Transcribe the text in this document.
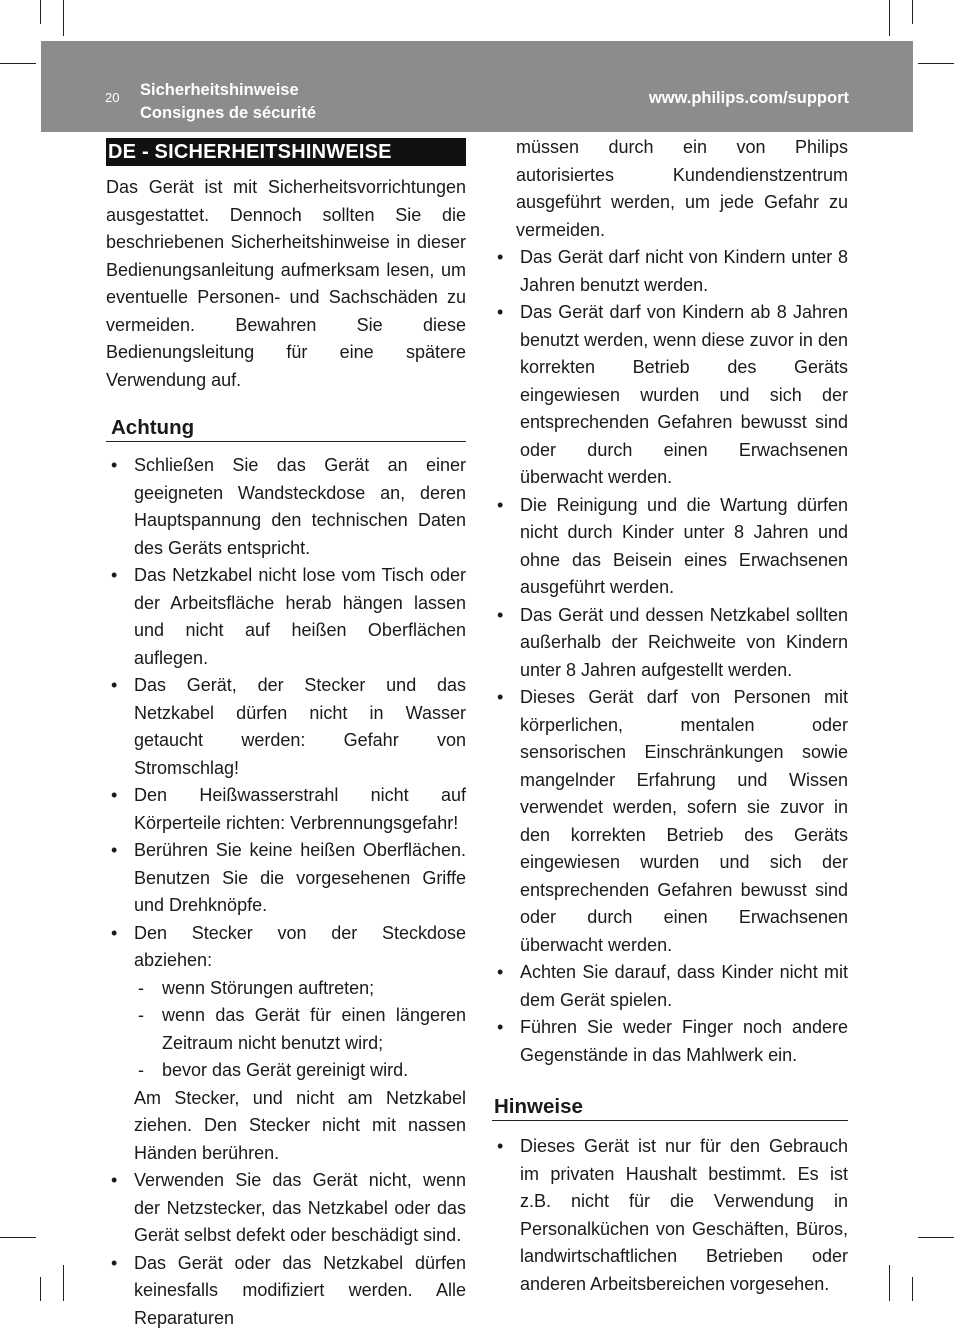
20 Sicherheitshinweise
Consignes de sécurité
www.philips.com/support
DE - SICHERHEITSHINWEISE

Das Gerät ist mit Sicherheitsvorrichtungen ausgestattet. Dennoch sollten Sie die beschriebenen Sicherheitshinweise in dieser Bedienungsanleitung aufmerksam lesen, um eventuelle Personen- und Sachschäden zu vermeiden. Bewahren Sie diese Bedienungsleitung für eine spätere Verwendung auf.

Achtung
• Schließen Sie das Gerät an einer geeigneten Wandsteckdose an, deren Hauptspannung den technischen Daten des Geräts entspricht.
• Das Netzkabel nicht lose vom Tisch oder der Arbeitsfläche herab hängen lassen und nicht auf heißen Oberflächen auflegen.
• Das Gerät, der Stecker und das Netzkabel dürfen nicht in Wasser getaucht werden: Gefahr von Stromschlag!
• Den Heißwasserstrahl nicht auf Körperteile richten: Verbrennungsgefahr!
• Berühren Sie keine heißen Oberflächen. Benutzen Sie die vorgesehenen Griffe und Drehknöpfe.
• Den Stecker von der Steckdose abziehen:
- wenn Störungen auftreten;
- wenn das Gerät für einen längeren Zeitraum nicht benutzt wird;
- bevor das Gerät gereinigt wird.
Am Stecker, und nicht am Netzkabel ziehen. Den Stecker nicht mit nassen Händen berühren.
• Verwenden Sie das Gerät nicht, wenn der Netzstecker, das Netzkabel oder das Gerät selbst defekt oder beschädigt sind.
• Das Gerät oder das Netzkabel dürfen keinesfalls modifiziert werden. Alle Reparaturen

müssen durch ein von Philips autorisiertes Kundendienstzentrum ausgeführt werden, um jede Gefahr zu vermeiden.

• Das Gerät darf nicht von Kindern unter 8 Jahren benutzt werden.
• Das Gerät darf von Kindern ab 8 Jahren benutzt werden, wenn diese zuvor in den korrekten Betrieb des Geräts eingewiesen wurden und sich der entsprechenden Gefahren bewusst sind oder durch einen Erwachsenen überwacht werden.
• Die Reinigung und die Wartung dürfen nicht durch Kinder unter 8 Jahren und ohne das Beisein eines Erwachsenen ausgeführt werden.
• Das Gerät und dessen Netzkabel sollten außerhalb der Reichweite von Kindern unter 8 Jahren aufgestellt werden.
• Dieses Gerät darf von Personen mit körperlichen, mentalen oder sensorischen Einschränkungen sowie mangelnder Erfahrung und Wissen verwendet werden, sofern sie zuvor in den korrekten Betrieb des Geräts eingewiesen wurden und sich der entsprechenden Gefahren bewusst sind oder durch einen Erwachsenen überwacht werden.
• Achten Sie darauf, dass Kinder nicht mit dem Gerät spielen.
• Führen Sie weder Finger noch andere Gegenstände in das Mahlwerk ein.
Hinweise
• Dieses Gerät ist nur für den Gebrauch im privaten Haushalt bestimmt. Es ist z.B. nicht für die Verwendung in Personalküchen von Geschäften, Büros, landwirtschaftlichen Betrieben oder anderen Arbeitsbereichen vorgesehen.
